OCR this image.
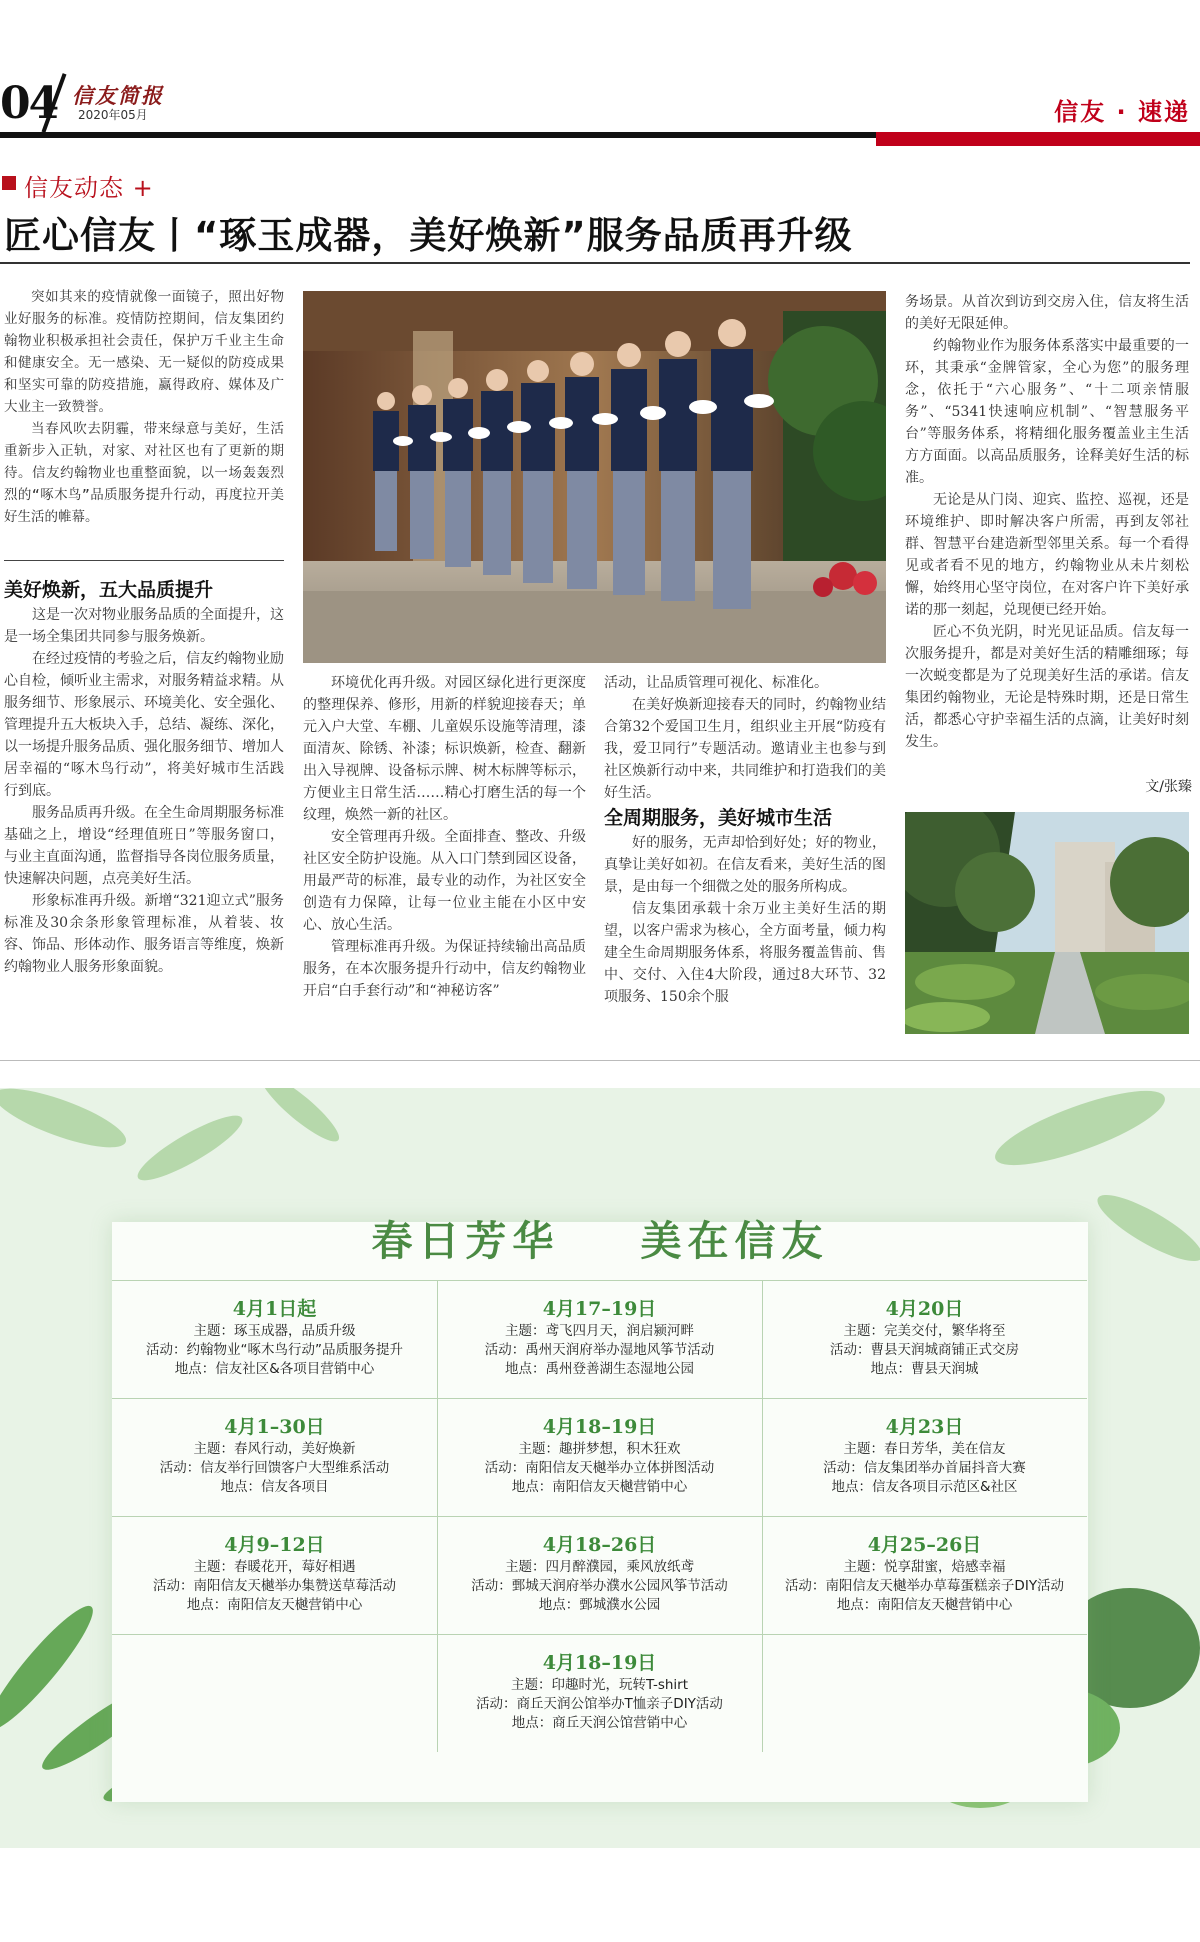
04 信友简报
2020年05月	信友 · 速递
信友动态 +
匠心信友丨“琢玉成器，美好焕新”服务品质再升级

突如其来的疫情就像一面镜子，照出好物业好服务的标准。疫情防控期间，信友集团约翰物业积极承担社会责任，保护万千业主生命和健康安全。无一感染、无一疑似的防疫成果和坚实可靠的防疫措施，赢得政府、媒体及广大业主一致赞誉。

当春风吹去阴霾，带来绿意与美好，生活重新步入正轨，对家、对社区也有了更新的期待。信友约翰物业也重整面貌，以一场轰轰烈烈的“啄木鸟”品质服务提升行动，再度拉开美好生活的帷幕。

美好焕新，五大品质提升

这是一次对物业服务品质的全面提升，这是一场全集团共同参与服务焕新。

在经过疫情的考验之后，信友约翰物业励心自检，倾听业主需求，对服务精益求精。从服务细节、形象展示、环境美化、安全强化、管理提升五大板块入手，总结、凝练、深化，以一场提升服务品质、强化服务细节、增加人居幸福的“啄木鸟行动”，将美好城市生活践行到底。

服务品质再升级。在全生命周期服务标准基础之上，增设“经理值班日”等服务窗口，与业主直面沟通，监督指导各岗位服务质量，快速解决问题，点亮美好生活。

形象标准再升级。新增“321迎立式”服务标准及30余条形象管理标准，从着装、妆容、饰品、形体动作、服务语言等维度，焕新约翰物业人服务形象面貌。

环境优化再升级。对园区绿化进行更深度的整理保养、修形，用新的样貌迎接春天；单元入户大堂、车棚、儿童娱乐设施等清理，漆面清灰、除锈、补漆；标识焕新，检查、翻新出入导视牌、设备标示牌、树木标牌等标示，方便业主日常生活……精心打磨生活的每一个纹理，焕然一新的社区。

安全管理再升级。全面排查、整改、升级社区安全防护设施。从入口门禁到园区设备，用最严苛的标准，最专业的动作，为社区安全创造有力保障，让每一位业主能在小区中安心、放心生活。

管理标准再升级。为保证持续输出高品质服务，在本次服务提升行动中，信友约翰物业开启“白手套行动”和“神秘访客”

活动，让品质管理可视化、标准化。

在美好焕新迎接春天的同时，约翰物业结合第32个爱国卫生月，组织业主开展“防疫有我，爱卫同行”专题活动。邀请业主也参与到社区焕新行动中来，共同维护和打造我们的美好生活。

全周期服务，美好城市生活

好的服务，无声却恰到好处；好的物业，真挚让美好如初。在信友看来，美好生活的图景，是由每一个细微之处的服务所构成。

信友集团承载十余万业主美好生活的期望，以客户需求为核心，全方面考量，倾力构建全生命周期服务体系，将服务覆盖售前、售中、交付、入住4大阶段，通过8大环节、32项服务、150余个服

务场景。从首次到访到交房入住，信友将生活的美好无限延伸。

约翰物业作为服务体系落实中最重要的一环，其秉承“金牌管家，全心为您”的服务理念，依托于“六心服务”、“十二项亲情服务”、“5341快速响应机制”、“智慧服务平台”等服务体系，将精细化服务覆盖业主生活方方面面。以高品质服务，诠释美好生活的标准。

无论是从门岗、迎宾、监控、巡视，还是环境维护、即时解决客户所需，再到友邻社群、智慧平台建造新型邻里关系。每一个看得见或者看不见的地方，约翰物业从未片刻松懈，始终用心坚守岗位，在对客户许下美好承诺的那一刻起，兑现便已经开始。

匠心不负光阴，时光见证品质。信友每一次服务提升，都是对美好生活的精雕细琢；每一次蜕变都是为了兑现美好生活的承诺。信友集团约翰物业，无论是特殊时期，还是日常生活，都悉心守护幸福生活的点滴，让美好时刻发生。

文/张臻
春日芳华    美在信友
4月1日起
主题：琢玉成器，品质升级
活动：约翰物业“啄木鸟行动”品质服务提升
地点：信友社区&各项目营销中心
4月17–19日
主题：鸢飞四月天，润启颍河畔
活动：禹州天润府举办湿地风筝节活动
地点：禹州登善湖生态湿地公园
4月20日
主题：完美交付，繁华将至
活动：曹县天润城商铺正式交房
地点：曹县天润城
4月1–30日
主题：春风行动，美好焕新
活动：信友举行回馈客户大型维系活动
地点：信友各项目
4月18–19日
主题：趣拼梦想，积木狂欢
活动：南阳信友天樾举办立体拼图活动
地点：南阳信友天樾营销中心
4月23日
主题：春日芳华，美在信友
活动：信友集团举办首届抖音大赛
地点：信友各项目示范区&社区
4月9–12日
主题：春暖花开，莓好相遇
活动：南阳信友天樾举办集赞送草莓活动
地点：南阳信友天樾营销中心
4月18–26日
主题：四月醉濮园，乘风放纸鸢
活动：鄄城天润府举办濮水公园风筝节活动
地点：鄄城濮水公园
4月25–26日
主题：悦享甜蜜，焙感幸福
活动：南阳信友天樾举办草莓蛋糕亲子DIY活动
地点：南阳信友天樾营销中心
4月18–19日
主题：印趣时光，玩转T-shirt
活动：商丘天润公馆举办T恤亲子DIY活动
地点：商丘天润公馆营销中心
